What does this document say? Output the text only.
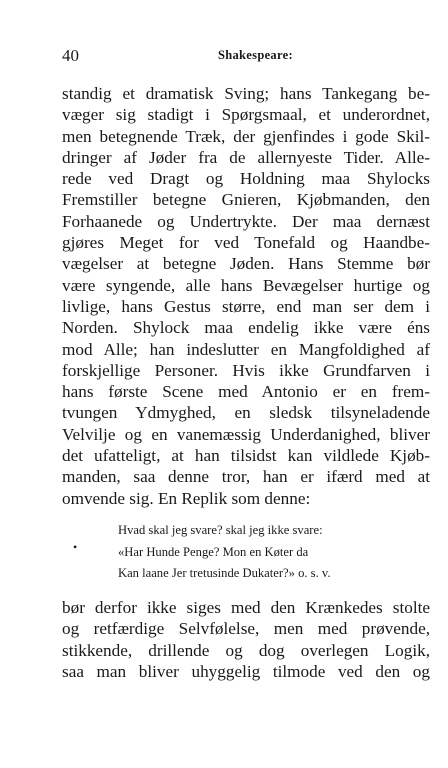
40	Shakespeare:
standig et dramatisk Sving; hans Tankegang be-
væger sig stadigt i Spørgsmaal, et underordnet,
men betegnende Træk, der gjenfindes i gode Skil-
dringer af Jøder fra de allernyeste Tider. Alle-
rede ved Dragt og Holdning maa Shylocks
Fremstiller betegne Gnieren, Kjøbmanden, den
Forhaanede og Undertrykte. Der maa dernæst
gjøres Meget for ved Tonefald og Haandbe-
vægelser at betegne Jøden. Hans Stemme bør
være syngende, alle hans Bevægelser hurtige og
livlige, hans Gestus større, end man ser dem i
Norden. Shylock maa endelig ikke være éns
mod Alle; han indeslutter en Mangfoldighed af
forskjellige Personer. Hvis ikke Grundfarven i
hans første Scene med Antonio er en frem-
tvungen Ydmyghed, en sledsk tilsyneladende
Velvilje og en vanemæssig Underdanighed, bliver
det ufatteligt, at han tilsidst kan vildlede Kjøb-
manden, saa denne tror, han er ifærd med at
omvende sig. En Replik som denne:
•
Hvad skal jeg svare? skal jeg ikke svare:
«Har Hunde Penge? Mon en Køter da
Kan laane Jer tretusinde Dukater?» o. s. v.
bør derfor ikke siges med den Krænkedes stolte
og retfærdige Selvfølelse, men med prøvende,
stikkende, drillende og dog overlegen Logik,
saa man bliver uhyggelig tilmode ved den og
